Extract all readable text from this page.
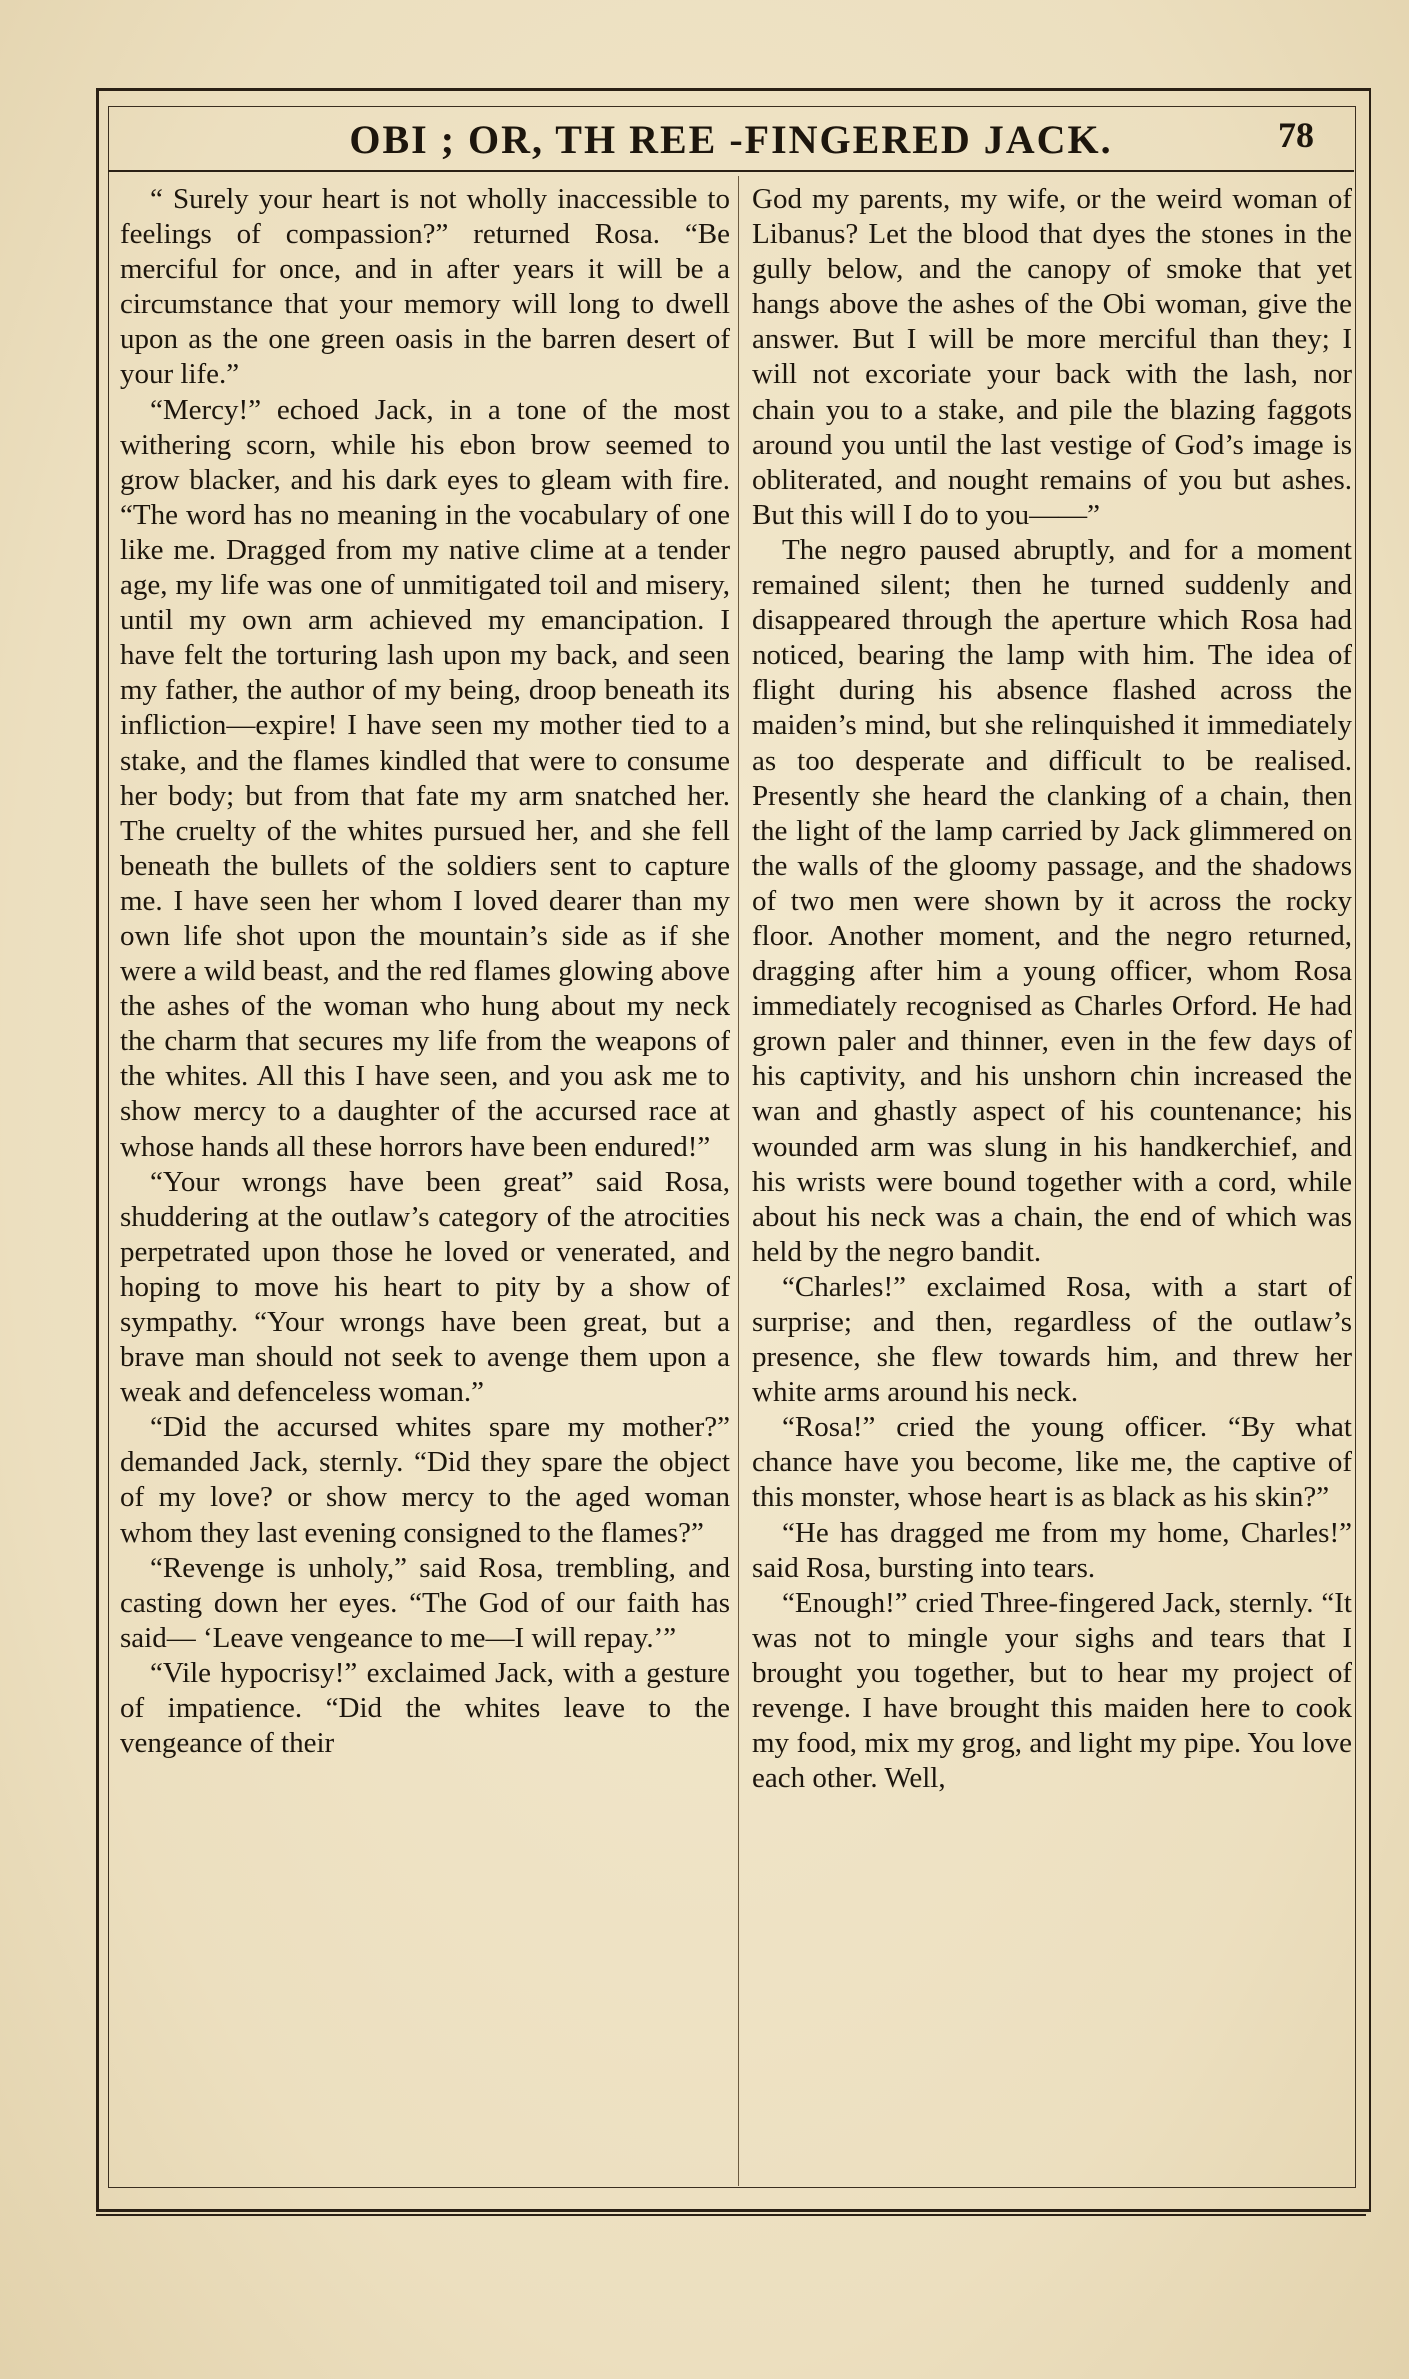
OBI ; OR, TH REE -FINGERED JACK.	78

“ Surely your heart is not wholly inaccessible to feelings of compassion?” returned Rosa. “Be merciful for once, and in after years it will be a circumstance that your memory will long to dwell upon as the one green oasis in the barren desert of your life.”

“Mercy!” echoed Jack, in a tone of the most withering scorn, while his ebon brow seemed to grow blacker, and his dark eyes to gleam with fire. “The word has no meaning in the vocabulary of one like me. Dragged from my native clime at a tender age, my life was one of unmitigated toil and misery, until my own arm achieved my emancipation. I have felt the torturing lash upon my back, and seen my father, the author of my being, droop beneath its infliction—expire! I have seen my mother tied to a stake, and the flames kindled that were to consume her body; but from that fate my arm snatched her. The cruelty of the whites pursued her, and she fell beneath the bullets of the soldiers sent to capture me. I have seen her whom I loved dearer than my own life shot upon the mountain’s side as if she were a wild beast, and the red flames glowing above the ashes of the woman who hung about my neck the charm that secures my life from the weapons of the whites. All this I have seen, and you ask me to show mercy to a daughter of the accursed race at whose hands all these horrors have been endured!”

“Your wrongs have been great” said Rosa, shuddering at the outlaw’s category of the atrocities perpetrated upon those he loved or venerated, and hoping to move his heart to pity by a show of sympathy. “Your wrongs have been great, but a brave man should not seek to avenge them upon a weak and defenceless woman.”

“Did the accursed whites spare my mother?” demanded Jack, sternly. “Did they spare the object of my love? or show mercy to the aged woman whom they last evening consigned to the flames?”

“Revenge is unholy,” said Rosa, trembling, and casting down her eyes. “The God of our faith has said— ‘Leave vengeance to me—I will repay.’”

“Vile hypocrisy!” exclaimed Jack, with a gesture of impatience. “Did the whites leave to the vengeance of their

God my parents, my wife, or the weird woman of Libanus? Let the blood that dyes the stones in the gully below, and the canopy of smoke that yet hangs above the ashes of the Obi woman, give the answer. But I will be more merciful than they; I will not excoriate your back with the lash, nor chain you to a stake, and pile the blazing faggots around you until the last vestige of God’s image is obliterated, and nought remains of you but ashes. But this will I do to you——”

The negro paused abruptly, and for a moment remained silent; then he turned suddenly and disappeared through the aperture which Rosa had noticed, bearing the lamp with him. The idea of flight during his absence flashed across the maiden’s mind, but she relinquished it immediately as too desperate and difficult to be realised. Presently she heard the clanking of a chain, then the light of the lamp carried by Jack glimmered on the walls of the gloomy passage, and the shadows of two men were shown by it across the rocky floor. Another moment, and the negro returned, dragging after him a young officer, whom Rosa immediately recognised as Charles Orford. He had grown paler and thinner, even in the few days of his captivity, and his unshorn chin increased the wan and ghastly aspect of his countenance; his wounded arm was slung in his handkerchief, and his wrists were bound together with a cord, while about his neck was a chain, the end of which was held by the negro bandit.

“Charles!” exclaimed Rosa, with a start of surprise; and then, regardless of the outlaw’s presence, she flew towards him, and threw her white arms around his neck.

“Rosa!” cried the young officer. “By what chance have you become, like me, the captive of this monster, whose heart is as black as his skin?”

“He has dragged me from my home, Charles!” said Rosa, bursting into tears.

“Enough!” cried Three-fingered Jack, sternly. “It was not to mingle your sighs and tears that I brought you together, but to hear my project of revenge. I have brought this maiden here to cook my food, mix my grog, and light my pipe. You love each other. Well,
